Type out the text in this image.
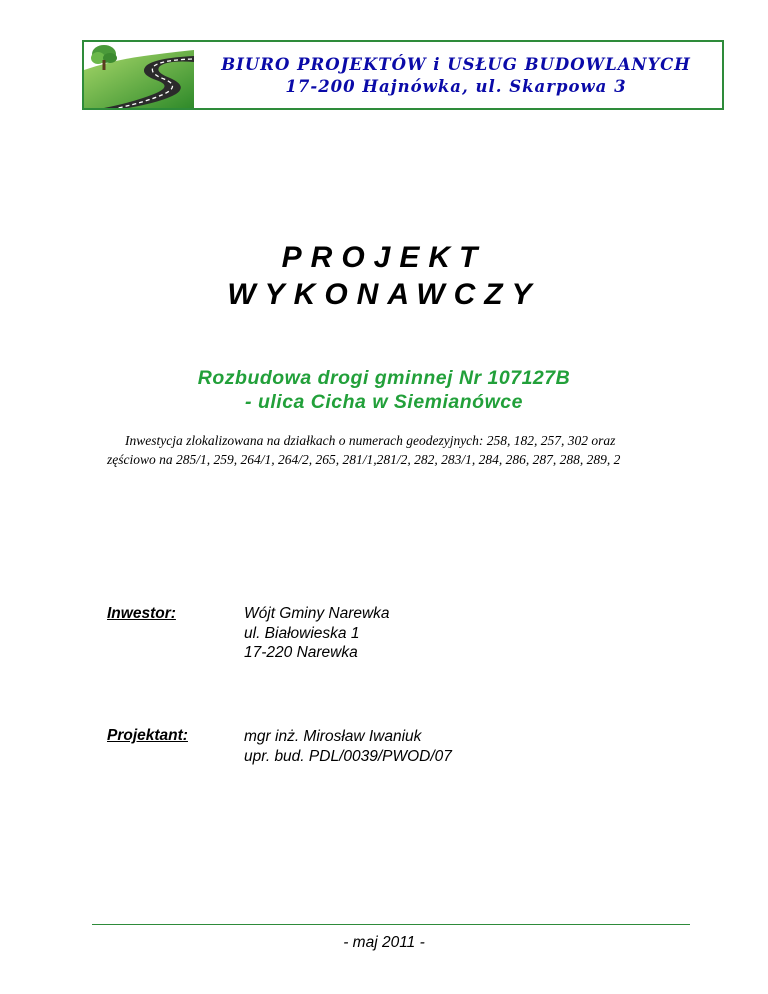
BIURO PROJEKTÓW i USŁUG BUDOWLANYCH
17-200 Hajnówka, ul. Skarpowa 3
PROJEKT
WYKONAWCZY
Rozbudowa drogi gminnej Nr 107127B
- ulica Cicha w Siemianówce
Inwestycja zlokalizowana na działkach o numerach geodezyjnych: 258, 182, 257, 302 oraz
zęściowo na 285/1, 259, 264/1, 264/2, 265, 281/1,281/2, 282, 283/1, 284, 286, 287, 288, 289, 2
Inwestor:	Wójt Gminy Narewka
ul. Białowieska 1
17-220 Narewka
Projektant:	mgr inż. Mirosław Iwaniuk
upr. bud. PDL/0039/PWOD/07
- maj 2011 -
